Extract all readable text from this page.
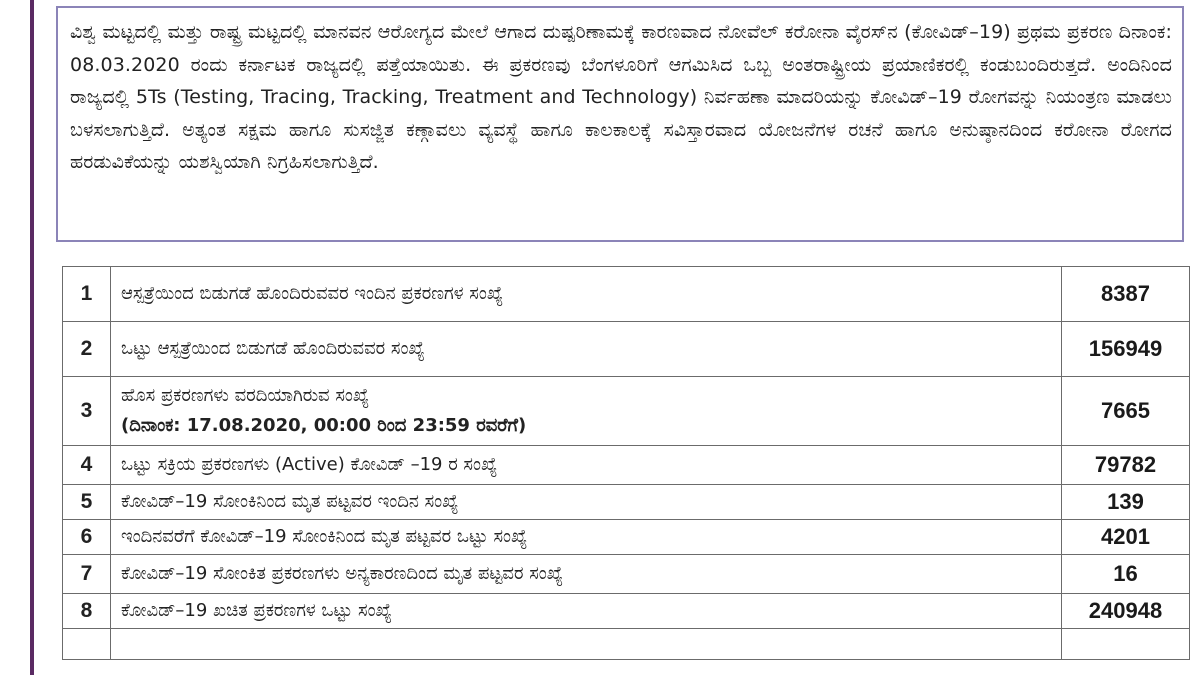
ವಿಶ್ವ ಮಟ್ಟದಲ್ಲಿ ಮತ್ತು ರಾಷ್ಟ್ರ ಮಟ್ಟದಲ್ಲಿ ಮಾನವನ ಆರೋಗ್ಯದ ಮೇಲೆ ಆಗಾದ ದುಷ್ಪರಿಣಾಮಕ್ಕೆ ಕಾರಣವಾದ ನೋವೆಲ್ ಕರೋನಾ ವೈರಸ್‌ನ (ಕೋವಿಡ್–19) ಪ್ರಥಮ ಪ್ರಕರಣ ದಿನಾಂಕ: 08.03.2020 ರಂದು ಕರ್ನಾಟಕ ರಾಜ್ಯದಲ್ಲಿ ಪತ್ತೆಯಾಯಿತು. ಈ ಪ್ರಕರಣವು ಬೆಂಗಳೂರಿಗೆ ಆಗಮಿಸಿದ ಒಬ್ಬ ಅಂತರಾಷ್ಟ್ರೀಯ ಪ್ರಯಾಣಿಕರಲ್ಲಿ ಕಂಡುಬಂದಿರುತ್ತದೆ. ಅಂದಿನಿಂದ ರಾಜ್ಯದಲ್ಲಿ 5Ts (Testing, Tracing, Tracking, Treatment and Technology) ನಿರ್ವಹಣಾ ಮಾದರಿಯನ್ನು ಕೋವಿಡ್–19 ರೋಗವನ್ನು ನಿಯಂತ್ರಣ ಮಾಡಲು ಬಳಸಲಾಗುತ್ತಿದೆ. ಅತ್ಯಂತ ಸಕ್ಷಮ ಹಾಗೂ ಸುಸಜ್ಜಿತ ಕಣ್ಗಾವಲು ವ್ಯವಸ್ಥೆ ಹಾಗೂ ಕಾಲಕಾಲಕ್ಕೆ ಸವಿಸ್ತಾರವಾದ ಯೋಜನೆಗಳ ರಚನೆ ಹಾಗೂ ಅನುಷ್ಠಾನದಿಂದ ಕರೋನಾ ರೋಗದ ಹರಡುವಿಕೆಯನ್ನು ಯಶಸ್ವಿಯಾಗಿ ನಿಗ್ರಹಿಸಲಾಗುತ್ತಿದೆ.

1	ಆಸ್ಪತ್ರೆಯಿಂದ ಬಿಡುಗಡೆ ಹೊಂದಿರುವವರ ಇಂದಿನ ಪ್ರಕರಣಗಳ ಸಂಖ್ಯೆ	8387
2	ಒಟ್ಟು ಆಸ್ಪತ್ರೆಯಿಂದ ಬಿಡುಗಡೆ ಹೊಂದಿರುವವರ ಸಂಖ್ಯೆ	156949
3	ಹೊಸ ಪ್ರಕರಣಗಳು ವರದಿಯಾಗಿರುವ ಸಂಖ್ಯೆ
(ದಿನಾಂಕ: 17.08.2020, 00:00 ರಿಂದ 23:59 ರವರೆಗೆ)	7665
4	ಒಟ್ಟು ಸಕ್ರಿಯ ಪ್ರಕರಣಗಳು (Active) ಕೋವಿಡ್ –19 ರ ಸಂಖ್ಯೆ	79782
5	ಕೋವಿಡ್–19 ಸೋಂಕಿನಿಂದ ಮೃತ ಪಟ್ಟವರ ಇಂದಿನ ಸಂಖ್ಯೆ	139
6	ಇಂದಿನವರೆಗೆ ಕೋವಿಡ್–19 ಸೋಂಕಿನಿಂದ ಮೃತ ಪಟ್ಟವರ ಒಟ್ಟು ಸಂಖ್ಯೆ	4201
7	ಕೋವಿಡ್–19 ಸೋಂಕಿತ ಪ್ರಕರಣಗಳು ಅನ್ಯಕಾರಣದಿಂದ ಮೃತ ಪಟ್ಟವರ ಸಂಖ್ಯೆ	16
8	ಕೋವಿಡ್–19 ಖಚಿತ ಪ್ರಕರಣಗಳ ಒಟ್ಟು ಸಂಖ್ಯೆ	240948
